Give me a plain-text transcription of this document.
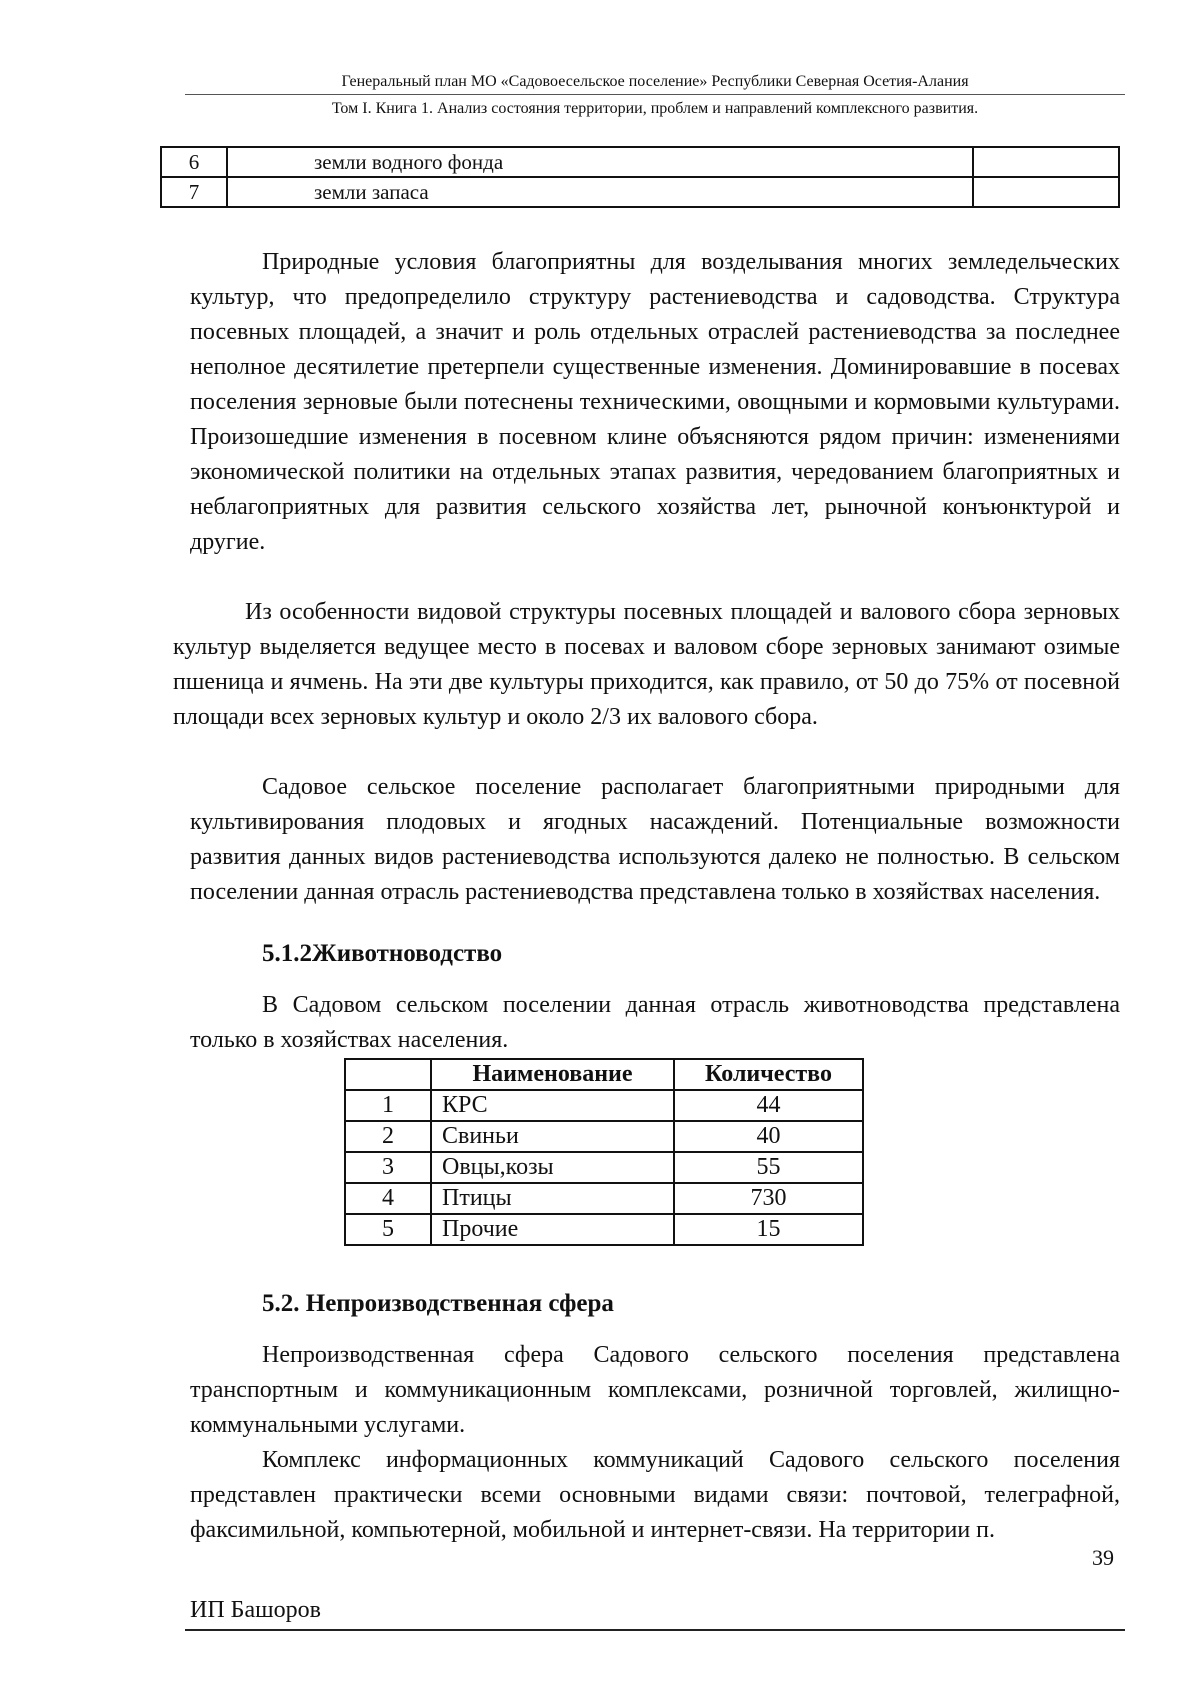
Генеральный план МО «Садовоесельское поселение» Республики Северная Осетия-Алания
Том I. Книга 1. Анализ состояния территории, проблем и направлений комплексного развития.
6	земли водного фонда	
7	земли запаса	
Природные условия благоприятны для возделывания многих земледельческих культур, что предопределило структуру растениеводства и садоводства. Структура посевных площадей, а значит и роль отдельных отраслей растениеводства за последнее неполное десятилетие претерпели существенные изменения. Доминировавшие в посевах поселения зерновые были потеснены техническими, овощными и кормовыми культурами. Произошедшие изменения в посевном клине объясняются рядом причин: изменениями экономической политики на отдельных этапах развития, чередованием благоприятных и неблагоприятных для развития сельского хозяйства лет, рыночной конъюнктурой и другие.
Из особенности видовой структуры посевных площадей и валового сбора зерновых культур выделяется ведущее место в посевах и валовом сборе зерновых занимают озимые пшеница и ячмень. На эти две культуры приходится, как правило, от 50 до 75% от посевной площади всех зерновых культур и около 2/3 их валового сбора.
Садовое сельское поселение располагает благоприятными природными для культивирования плодовых и ягодных насаждений. Потенциальные возможности развития данных видов растениеводства используются далеко не полностью. В сельском поселении данная отрасль растениеводства представлена только в хозяйствах населения.
5.1.2Животноводство
В Садовом сельском поселении данная отрасль животноводства представлена только в хозяйствах населения.
	Наименование	Количество
1	КРС	44
2	Свиньи	40
3	Овцы,козы	55
4	Птицы	730
5	Прочие	15
5.2. Непроизводственная сфера
Непроизводственная сфера Садового сельского поселения представлена транспортным и коммуникационным комплексами, розничной торговлей, жилищно-коммунальными услугами.
Комплекс информационных коммуникаций Садового сельского поселения представлен практически всеми основными видами связи: почтовой, телеграфной, факсимильной, компьютерной, мобильной и интернет-связи. На территории п.
39
ИП Башоров
